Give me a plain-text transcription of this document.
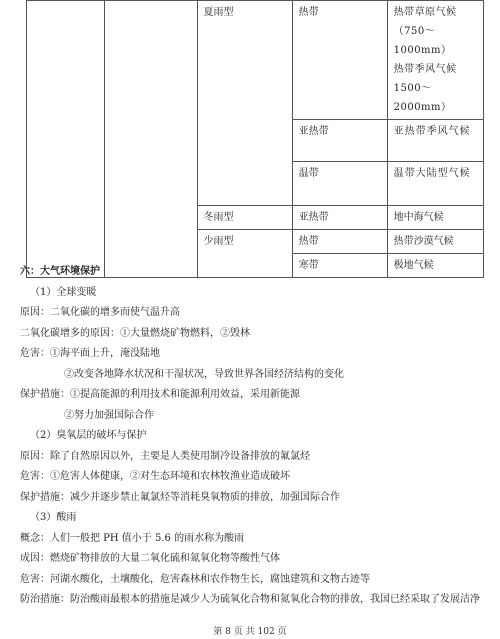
		夏雨型	热带	热带草原气候
（750～1000mm）
热带季风气候
1500～2000mm）
			亚热带	亚热带季风气候
			温带	温带大陆型气候
		冬雨型	亚热带	地中海气候
		少雨型	热带	热带沙漠气候
			寒带	极地气候
六：大气环境保护
（1）全球变暖
原因：二氧化碳的增多而使气温升高
二氧化碳增多的原因：①大量燃烧矿物燃料，②毁林
危害：①海平面上升，淹没陆地
②改变各地降水状况和干湿状况，导致世界各国经济结构的变化
保护措施：①提高能源的利用技术和能源利用效益，采用新能源
②努力加强国际合作
（2）臭氧层的破坏与保护
原因：除了自然原因以外，主要是人类使用制冷设备排放的氟氯烃
危害：①危害人体健康，②对生态环境和农林牧渔业造成破坏
保护措施：减少并逐步禁止氟氯烃等消耗臭氧物质的排放，加强国际合作
（3）酸雨
概念：人们一般把 PH 值小于 5.6 的雨水称为酸雨
成因：燃烧矿物排放的大量二氧化硫和氮氧化物等酸性气体
危害：河湖水酸化，土壤酸化，危害森林和农作物生长，腐蚀建筑和文物古迹等
防治措施：防治酸雨最根本的措施是减少人为硫氧化合物和氮氧化合物的排放，我国已经采取了发展洁净
第 8 页 共 102 页
